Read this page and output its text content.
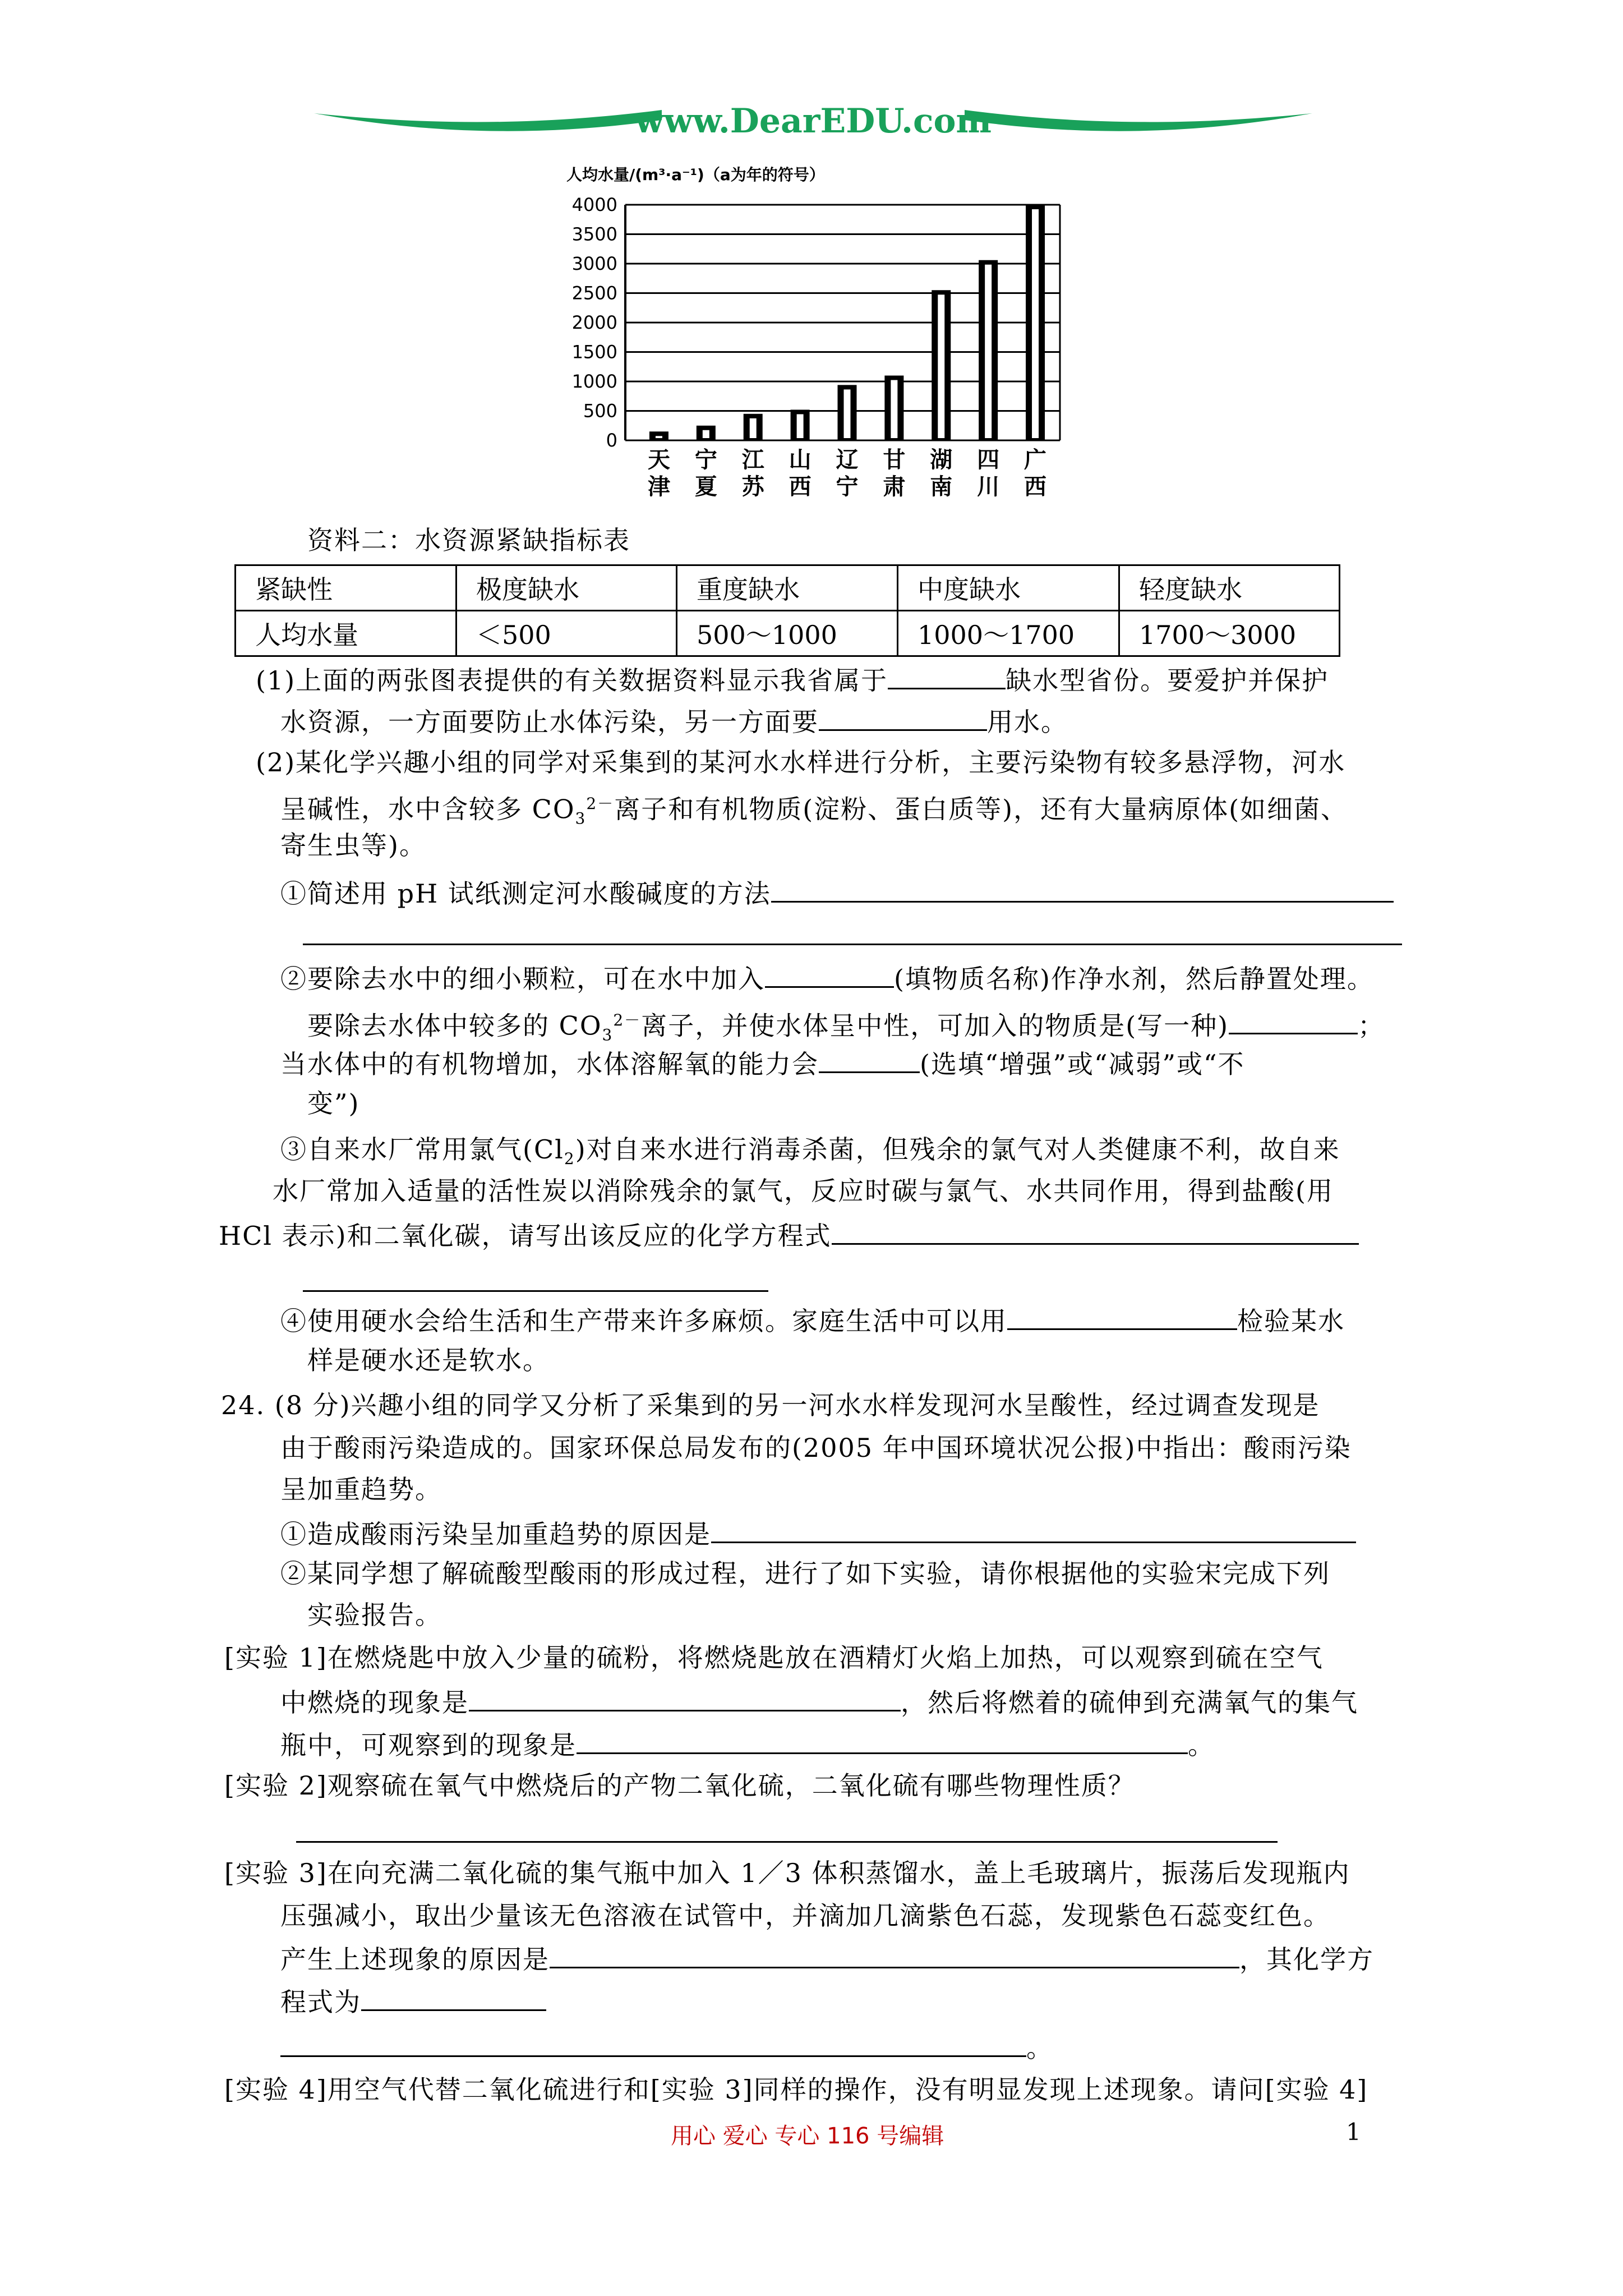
www.DearEDU.com
人均水量/(m³·a⁻¹)（a为年的符号）
0
500
1000
1500
2000
2500
3000
3500
4000
天
津
宁
夏
江
苏
山
西
辽
宁
甘
肃
湖
南
四
川
广
西
资料二：水资源紧缺指标表
紧缺性	极度缺水	重度缺水	中度缺水	轻度缺水
人均水量	＜500	500～1000	1000～1700	1700～3000
(1)上面的两张图表提供的有关数据资料显示我省属于	缺水型省份。要爱护并保护
水资源，一方面要防止水体污染，另一方面要	用水。
(2)某化学兴趣小组的同学对采集到的某河水水样进行分析，主要污染物有较多悬浮物，河水
呈碱性，水中含较多 $CO_3^{2-}$离子和有机物质(淀粉、蛋白质等)，还有大量病原体(如细菌、
寄生虫等)。
①简述用 pH 试纸测定河水酸碱度的方法
②要除去水中的细小颗粒，可在水中加入	(填物质名称)作净水剂，然后静置处理。
要除去水体中较多的 $CO_3^{2-}$离子，并使水体呈中性，可加入的物质是(写一种)	；
当水体中的有机物增加，水体溶解氧的能力会	(选填“增强”或“减弱”或“不
变”)
③自来水厂常用氯气$(Cl_2)$对自来水进行消毒杀菌，但残余的氯气对人类健康不利，故自来
水厂常加入适量的活性炭以消除残余的氯气，反应时碳与氯气、水共同作用，得到盐酸(用
HCl 表示)和二氧化碳，请写出该反应的化学方程式
④使用硬水会给生活和生产带来许多麻烦。家庭生活中可以用	检验某水
样是硬水还是软水。
24. (8 分)兴趣小组的同学又分析了采集到的另一河水水样发现河水呈酸性，经过调查发现是
由于酸雨污染造成的。国家环保总局发布的(2005 年中国环境状况公报)中指出：酸雨污染
呈加重趋势。
①造成酸雨污染呈加重趋势的原因是
②某同学想了解硫酸型酸雨的形成过程，进行了如下实验，请你根据他的实验宋完成下列
实验报告。
[实验 1]在燃烧匙中放入少量的硫粉，将燃烧匙放在酒精灯火焰上加热，可以观察到硫在空气
中燃烧的现象是	，然后将燃着的硫伸到充满氧气的集气
瓶中，可观察到的现象是	。
[实验 2]观察硫在氧气中燃烧后的产物二氧化硫，二氧化硫有哪些物理性质？
[实验 3]在向充满二氧化硫的集气瓶中加入 1／3 体积蒸馏水，盖上毛玻璃片，振荡后发现瓶内
压强减小，取出少量该无色溶液在试管中，并滴加几滴紫色石蕊，发现紫色石蕊变红色。
产生上述现象的原因是	，其化学方
程式为
。
[实验 4]用空气代替二氧化硫进行和[实验 3]同样的操作，没有明显发现上述现象。请问[实验 4]
用心 爱心 专心 116 号编辑	1
